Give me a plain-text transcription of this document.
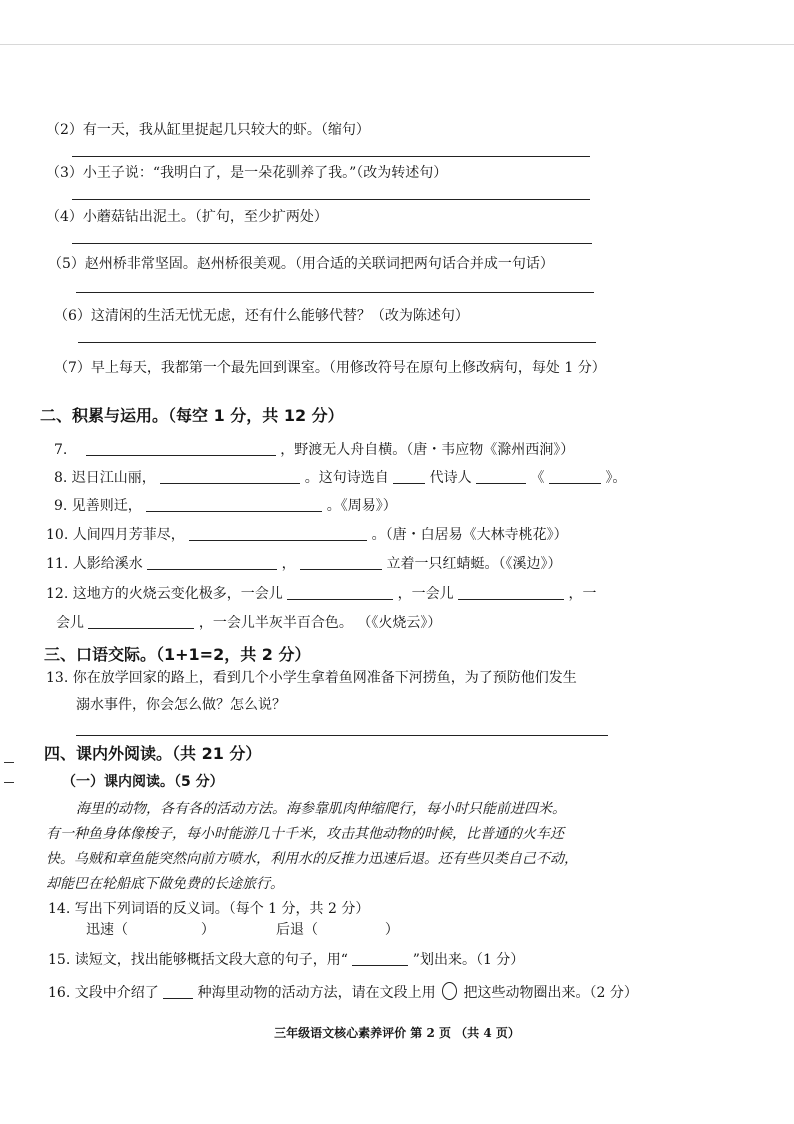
（2）有一天，我从缸里捉起几只较大的虾。（缩句）
（3）小王子说：“我明白了，是一朵花驯养了我。”（改为转述句）
（4）小蘑菇钻出泥土。（扩句，至少扩两处）
（5）赵州桥非常坚固。赵州桥很美观。（用合适的关联词把两句话合并成一句话）
（6）这清闲的生活无忧无虑，还有什么能够代替？（改为陈述句）
（7）早上每天，我都第一个最先回到课室。（用修改符号在原句上修改病句，每处 1 分）
二、积累与运用。（每空 1 分，共 12 分）
7.	，野渡无人舟自横。（唐・韦应物《滁州西涧》）
8. 迟日江山丽，	。这句诗选自	代诗人	《	》。
9. 见善则迁，	。《周易》）
10. 人间四月芳菲尽，	。（唐・白居易《大林寺桃花》）
11. 人影给溪水	，	立着一只红蜻蜓。（《溪边》）
12. 这地方的火烧云变化极多，一会儿	，一会儿	，一
会儿	，一会儿半灰半百合色。 （《火烧云》）
三、口语交际。（1+1=2，共 2 分）
13. 你在放学回家的路上，看到几个小学生拿着鱼网准备下河捞鱼，为了预防他们发生
溺水事件，你会怎么做？怎么说？
四、课内外阅读。（共 21 分）
（一）课内阅读。（5 分）
海里的动物，各有各的活动方法。海参靠肌肉伸缩爬行，每小时只能前进四米。
有一种鱼身体像梭子，每小时能游几十千米，攻击其他动物的时候，比普通的火车还
快。乌贼和章鱼能突然向前方喷水，利用水的反推力迅速后退。还有些贝类自己不动，
却能巴在轮船底下做免费的长途旅行。
14. 写出下列词语的反义词。（每个 1 分，共 2 分）
迅速（	）	后退（	）
15. 读短文，找出能够概括文段大意的句子，用“	”划出来。（1 分）
16. 文段中介绍了	种海里动物的活动方法，请在文段上用 把这些动物圈出来。（2 分）
三年级语文核心素养评价 第 2 页 （共 4 页）
